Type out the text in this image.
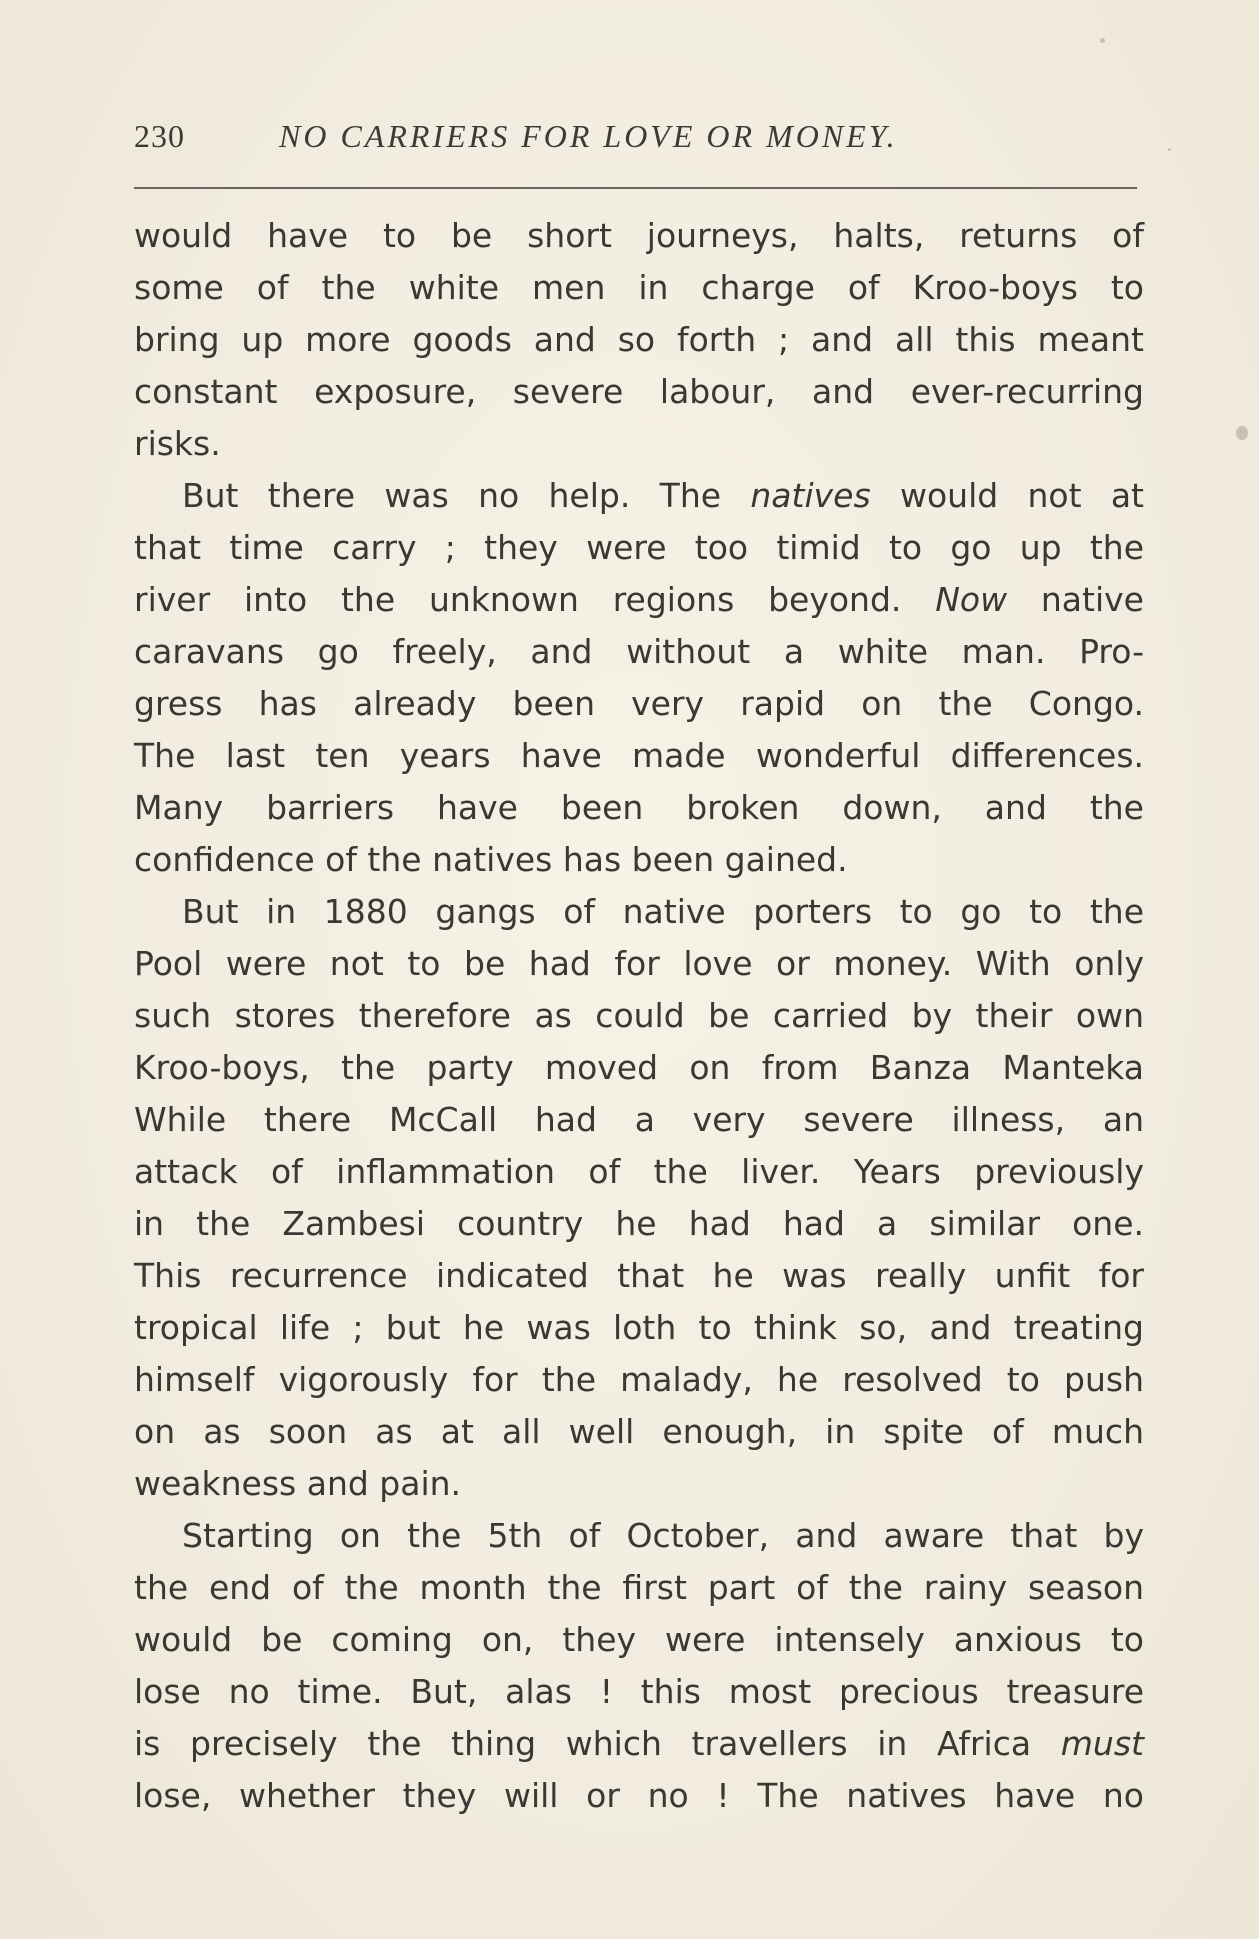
230	NO CARRIERS FOR LOVE OR MONEY.
would have to be short journeys, halts, returns of
some of the white men in charge of Kroo-boys to
bring up more goods and so forth ; and all this meant
constant exposure, severe labour, and ever-recurring
risks.
But there was no help. The natives would not at
that time carry ; they were too timid to go up the
river into the unknown regions beyond. Now native
caravans go freely, and without a white man. Pro-
gress has already been very rapid on the Congo.
The last ten years have made wonderful differences.
Many barriers have been broken down, and the
confidence of the natives has been gained.
But in 1880 gangs of native porters to go to the
Pool were not to be had for love or money. With only
such stores therefore as could be carried by their own
Kroo-boys, the party moved on from Banza Manteka
While there McCall had a very severe illness, an
attack of inflammation of the liver. Years previously
in the Zambesi country he had had a similar one.
This recurrence indicated that he was really unfit for
tropical life ; but he was loth to think so, and treating
himself vigorously for the malady, he resolved to push
on as soon as at all well enough, in spite of much
weakness and pain.
Starting on the 5th of October, and aware that by
the end of the month the first part of the rainy season
would be coming on, they were intensely anxious to
lose no time. But, alas ! this most precious treasure
is precisely the thing which travellers in Africa must
lose, whether they will or no ! The natives have no
